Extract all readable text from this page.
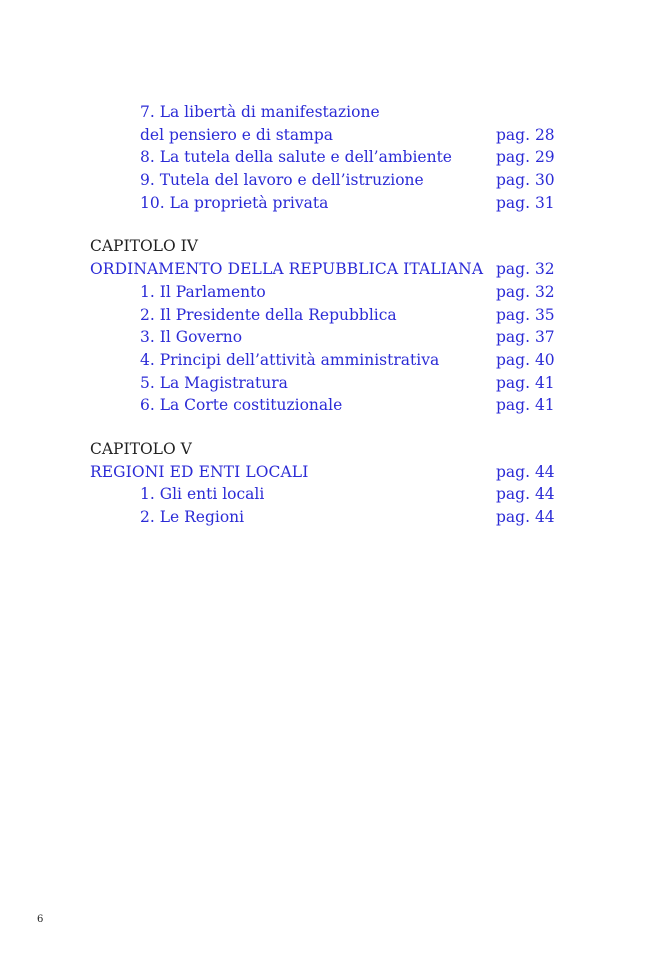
7. La libertà di manifestazione
del pensiero e di stampa	pag. 28
8. La tutela della salute e dell’ambiente	pag. 29
9. Tutela del lavoro e dell’istruzione	pag. 30
10. La proprietà privata	pag. 31
CAPITOLO IV
ORDINAMENTO DELLA REPUBBLICA ITALIANA pag. 32
1. Il Parlamento	pag. 32
2. Il Presidente della Repubblica	pag. 35
3. Il Governo	pag. 37
4. Principi dell’attività amministrativa	pag. 40
5. La Magistratura	pag. 41
6. La Corte costituzionale	pag. 41
CAPITOLO V
REGIONI ED ENTI LOCALI	pag. 44
1. Gli enti locali	pag. 44
2. Le Regioni	pag. 44
6
